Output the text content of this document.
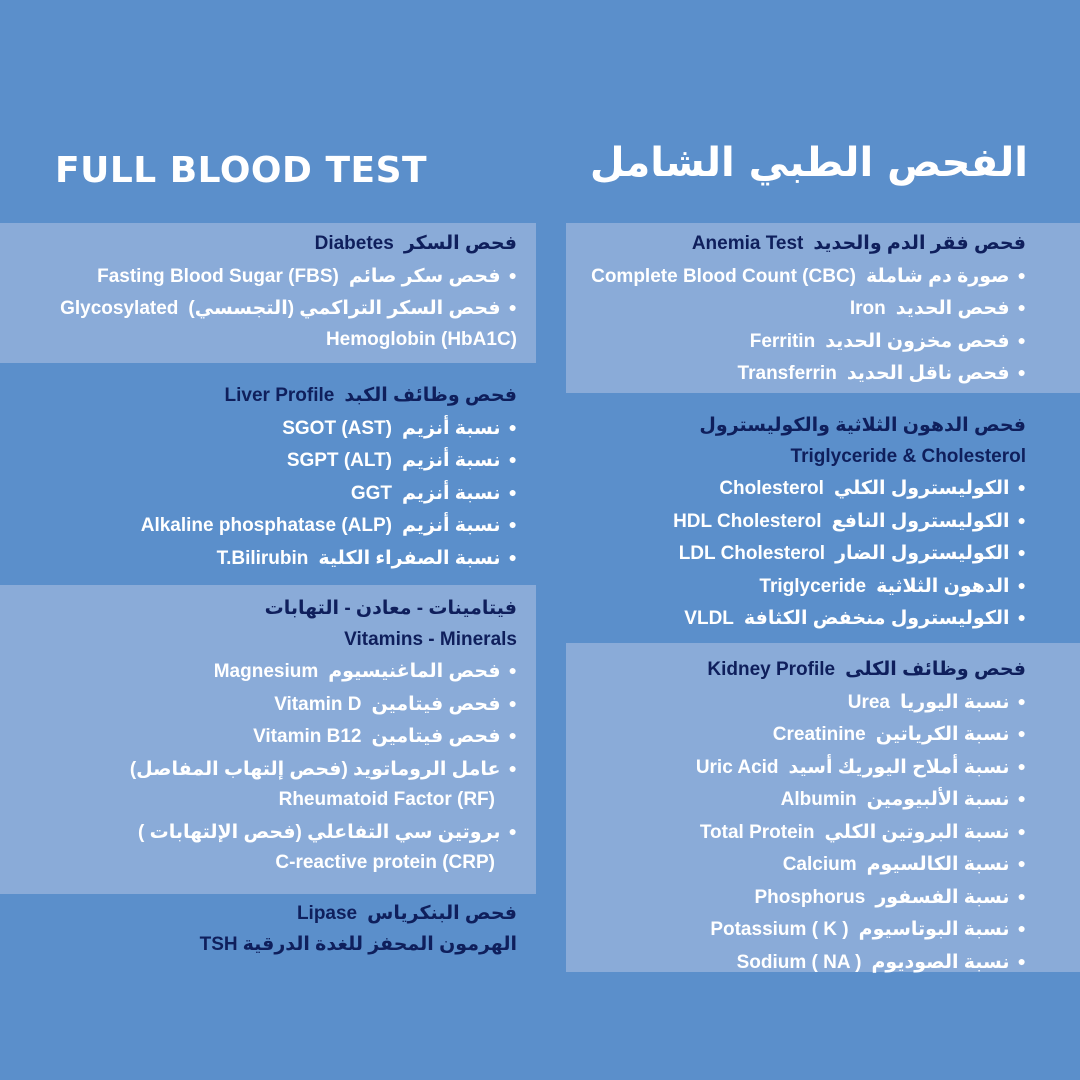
FULL BLOOD TEST	الفحص الطبي الشامل
فحص السكرDiabetes
●فحص سكر صائمFasting Blood Sugar (FBS)
●فحص السكر التراكمي (التجسسي)Glycosylated
Hemoglobin (HbA1C)
فحص وظائف الكبدLiver Profile
●نسبة أنزيمSGOT (AST)
●نسبة أنزيمSGPT (ALT)
●نسبة أنزيمGGT
●نسبة أنزيمAlkaline phosphatase (ALP)
●نسبة الصفراء الكليةT.Bilirubin
فيتامينات - معادن - التهابات
Vitamins - Minerals
●فحص الماغنيسيومMagnesium
●فحص فيتامينVitamin D
●فحص فيتامينVitamin B12
●عامل الروماتويد (فحص إلتهاب المفاصل)
Rheumatoid Factor (RF)
●بروتين سي التفاعلي (فحص الإلتهابات )
C-reactive protein (CRP)
فحص البنكرياسLipase
الهرمون المحفز للغدة الدرقيةTSH
فحص فقر الدم والحديدAnemia Test
●صورة دم شاملةComplete Blood Count (CBC)
●فحص الحديدIron
●فحص مخزون الحديدFerritin
●فحص ناقل الحديدTransferrin
فحص الدهون الثلاثية والكوليسترول
Triglyceride & Cholesterol
●الكوليسترول الكليCholesterol
●الكوليسترول النافعHDL Cholesterol
●الكوليسترول الضارLDL Cholesterol
●الدهون الثلاثيةTriglyceride
●الكوليسترول منخفض الكثافةVLDL
فحص وظائف الكلىKidney Profile
●نسبة اليورياUrea
●نسبة الكرياتينCreatinine
●نسبة أملاح اليوريك أسيدUric Acid
●نسبة الألبيومينAlbumin
●نسبة البروتين الكليTotal Protein
●نسبة الكالسيومCalcium
●نسبة الفسفورPhosphorus
●نسبة البوتاسيومPotassium ( K )
●نسبة الصوديومSodium ( NA )
